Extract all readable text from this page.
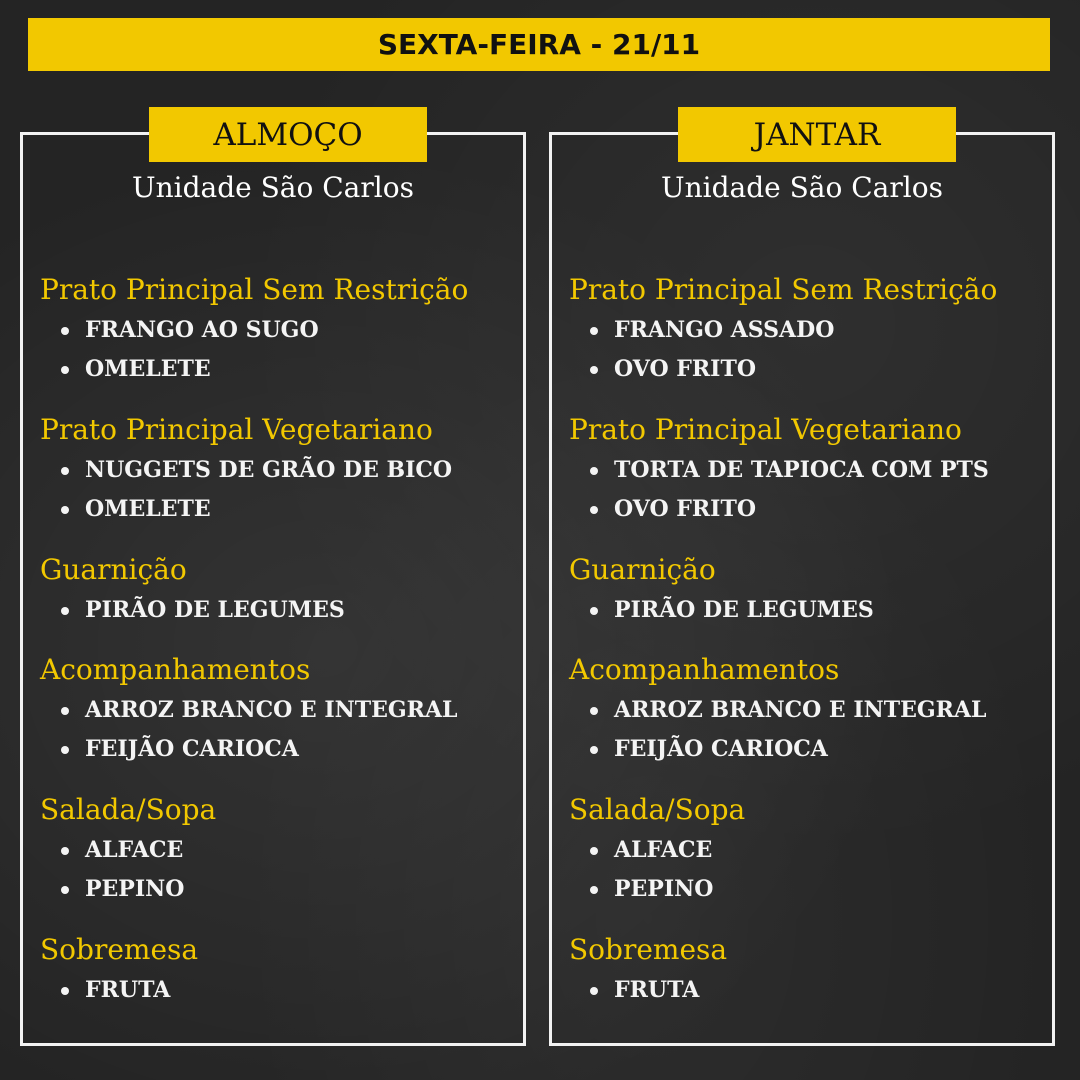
SEXTA-FEIRA - 21/11
ALMOÇO
Unidade São Carlos
Prato Principal Sem Restrição
FRANGO AO SUGO
OMELETE
Prato Principal Vegetariano
NUGGETS DE GRÃO DE BICO
OMELETE
Guarnição
PIRÃO DE LEGUMES
Acompanhamentos
ARROZ BRANCO E INTEGRAL
FEIJÃO CARIOCA
Salada/Sopa
ALFACE
PEPINO
Sobremesa
FRUTA
JANTAR
Unidade São Carlos
Prato Principal Sem Restrição
FRANGO ASSADO
OVO FRITO
Prato Principal Vegetariano
TORTA DE TAPIOCA COM PTS
OVO FRITO
Guarnição
PIRÃO DE LEGUMES
Acompanhamentos
ARROZ BRANCO E INTEGRAL
FEIJÃO CARIOCA
Salada/Sopa
ALFACE
PEPINO
Sobremesa
FRUTA
